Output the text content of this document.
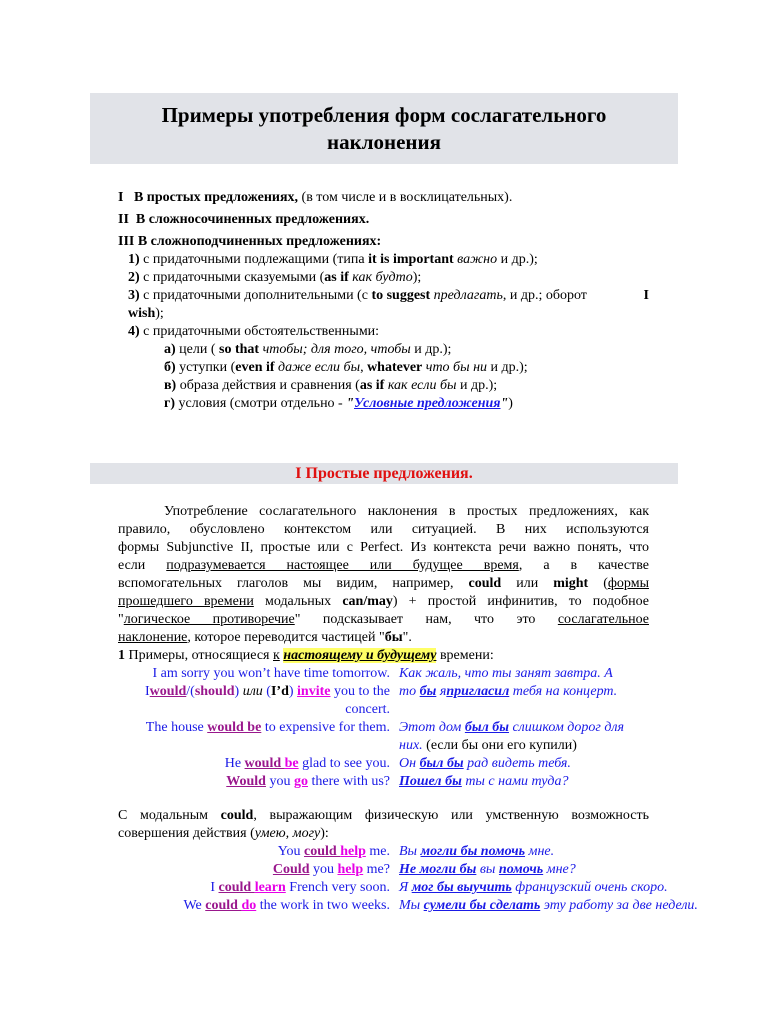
Примеры употребления форм сослагательного
наклонения
I В простых предложениях, (в том числе и в восклицательных).
II В сложносочиненных предложениях.
III В сложноподчиненных предложениях:
1) с придаточными подлежащими (типа it is important важно и др.);
2) с придаточными сказуемыми (as if как будто);
3) с придаточными дополнительными (с to suggest предлагать, и др.; оборот	I
wish);
4) с придаточными обстоятельственными:
а) цели ( so that чтобы; для того, чтобы и др.);
б) уступки (even if даже если бы, whatever что бы ни и др.);
в) образа действия и сравнения (as if как если бы и др.);
г) условия (смотри отдельно - "Условные предложения")
I Простые предложения.
Употребление сослагательного наклонения в простых предложениях, как
правило, обусловлено контекстом или ситуацией. В них используются
формы Subjunctive II, простые или с Perfect. Из контекста речи важно понять, что
если подразумевается настоящее или будущее время, а в качестве
вспомогательных глаголов мы видим, например, could или might (формы
прошедшего времени модальных can/may) + простой инфинитив, то подобное
"логическое противоречие" подсказывает нам, что это сослагательное
наклонение, которое переводится частицей "бы".
1 Примеры, относящиеся к настоящему и будущему времени:
I am sorry you won’t have time tomorrow. Как жаль, что ты занят завтра. А
Iwould/(should) или (I’d) invite you to the то бы япригласил тебя на концерт.
concert.
The house would be to expensive for them. Этот дом был бы слишком дорог для
них. (если бы они его купили)
He would be glad to see you. Он был бы рад видеть тебя.
Would you go there with us? Пошел бы ты с нами туда?
С модальным could, выражающим физическую или умственную возможность
совершения действия (умею, могу):
You could help me. Вы могли бы помочь мне.
Could you help me? Не могли бы вы помочь мне?
I could learn French very soon. Я мог бы выучить французский очень скоро.
We could do the work in two weeks. Мы сумели бы сделать эту работу за две недели.
